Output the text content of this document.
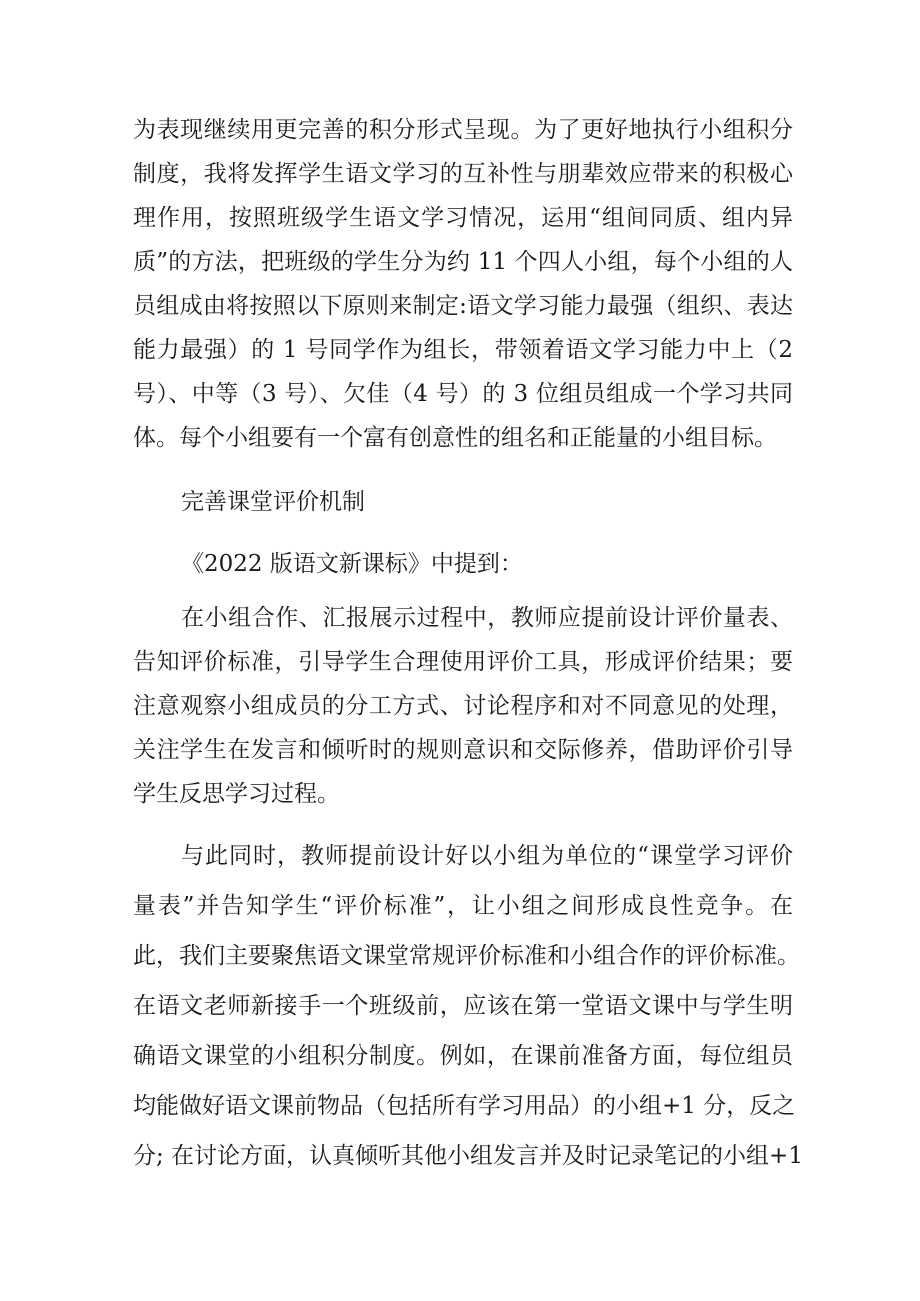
为表现继续用更完善的积分形式呈现。为了更好地执行小组积分
制度，我将发挥学生语文学习的互补性与朋辈效应带来的积极心
理作用，按照班级学生语文学习情况，运用“组间同质、组内异
质”的方法，把班级的学生分为约 11 个四人小组，每个小组的人
员组成由将按照以下原则来制定:语文学习能力最强（组织、表达
能力最强）的 1 号同学作为组长，带领着语文学习能力中上（2
号）、中等（3 号）、欠佳（4 号）的 3 位组员组成一个学习共同
体。每个小组要有一个富有创意性的组名和正能量的小组目标。
完善课堂评价机制
《2022 版语文新课标》中提到：
在小组合作、汇报展示过程中，教师应提前设计评价量表、
告知评价标准，引导学生合理使用评价工具，形成评价结果；要
注意观察小组成员的分工方式、讨论程序和对不同意见的处理，
关注学生在发言和倾听时的规则意识和交际修养，借助评价引导
学生反思学习过程。
与此同时，教师提前设计好以小组为单位的“课堂学习评价
量表”并告知学生“评价标准”，让小组之间形成良性竞争。在
此，我们主要聚焦语文课堂常规评价标准和小组合作的评价标准。
在语文老师新接手一个班级前，应该在第一堂语文课中与学生明
确语文课堂的小组积分制度。例如，在课前准备方面，每位组员
均能做好语文课前物品（包括所有学习用品）的小组+1 分，反之
分; 在讨论方面，认真倾听其他小组发言并及时记录笔记的小组+1
